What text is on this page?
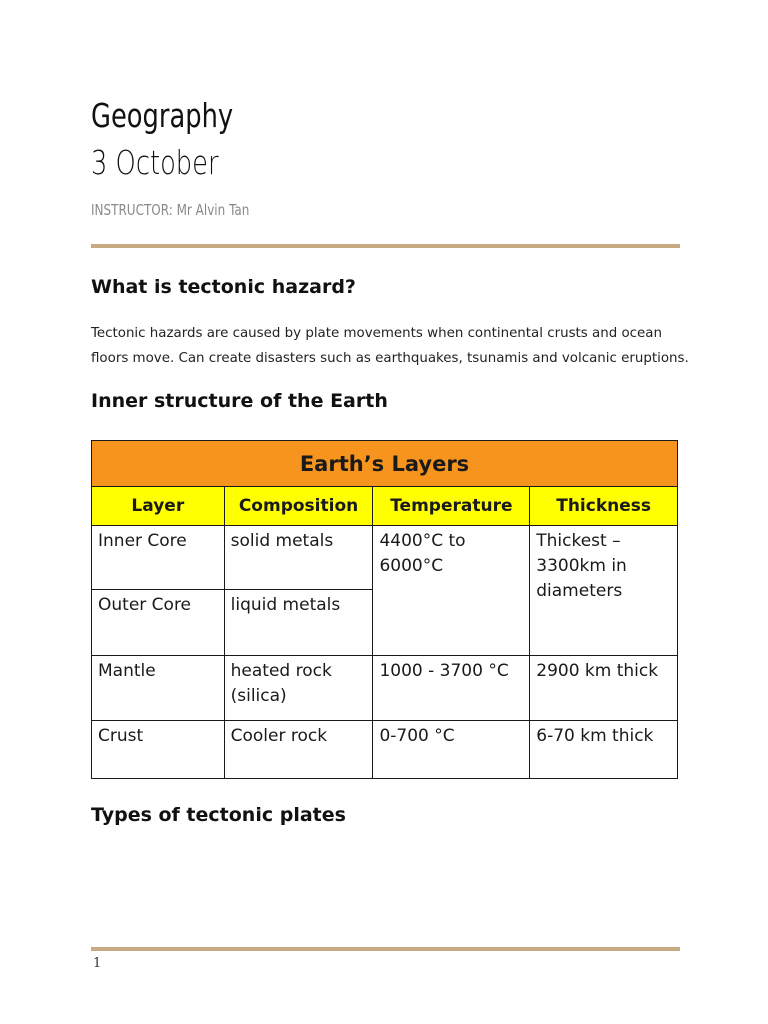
Geography
3 October
INSTRUCTOR: Mr Alvin Tan
What is tectonic hazard?
Tectonic hazards are caused by plate movements when continental crusts and ocean floors move. Can create disasters such as earthquakes, tsunamis and volcanic eruptions.
Inner structure of the Earth
Earth’s Layers			
Layer	Composition	Temperature	Thickness
Inner Core	solid metals	4400°C to 6000°C	Thickest – 3300km in diameters
Outer Core	liquid metals		
Mantle	heated rock (silica)	1000 - 3700 °C	2900 km thick
Crust	Cooler rock	0-700 °C	6-70 km thick
Types of tectonic plates
1
